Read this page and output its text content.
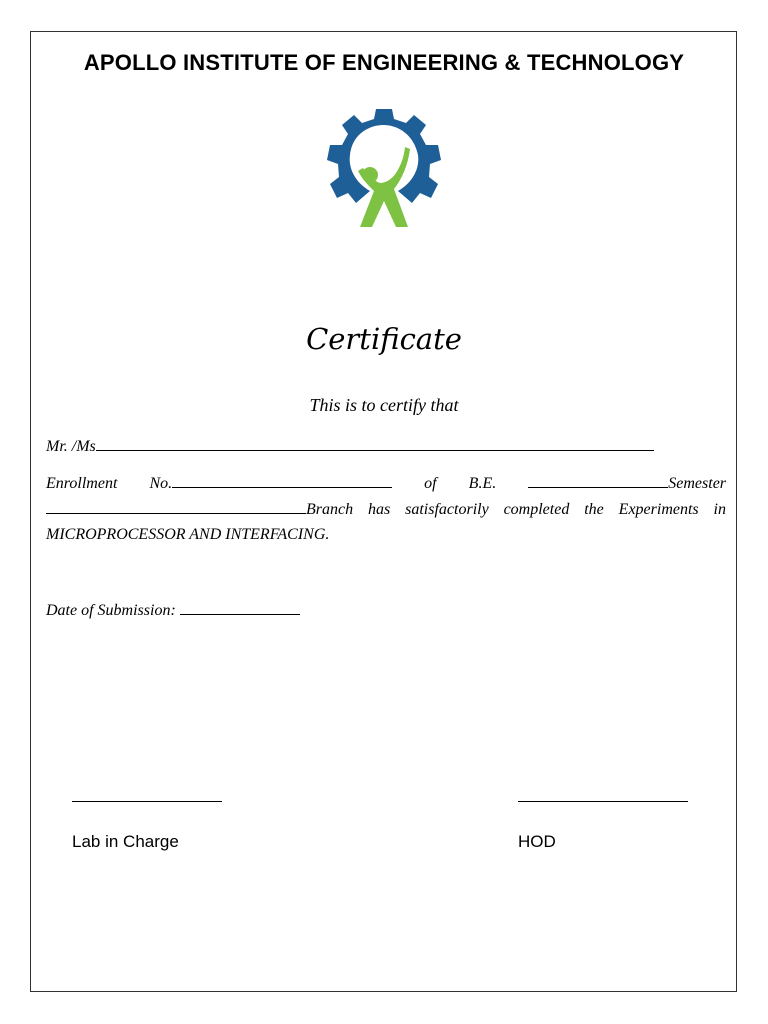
APOLLO INSTITUTE OF ENGINEERING & TECHNOLOGY
Certificate
This is to certify that
Mr. /Ms
Enrollment No.	of B.E.	Semester
Branch has satisfactorily completed the Experiments in
MICROPROCESSOR AND INTERFACING.
Date of Submission:
Lab in Charge	HOD
